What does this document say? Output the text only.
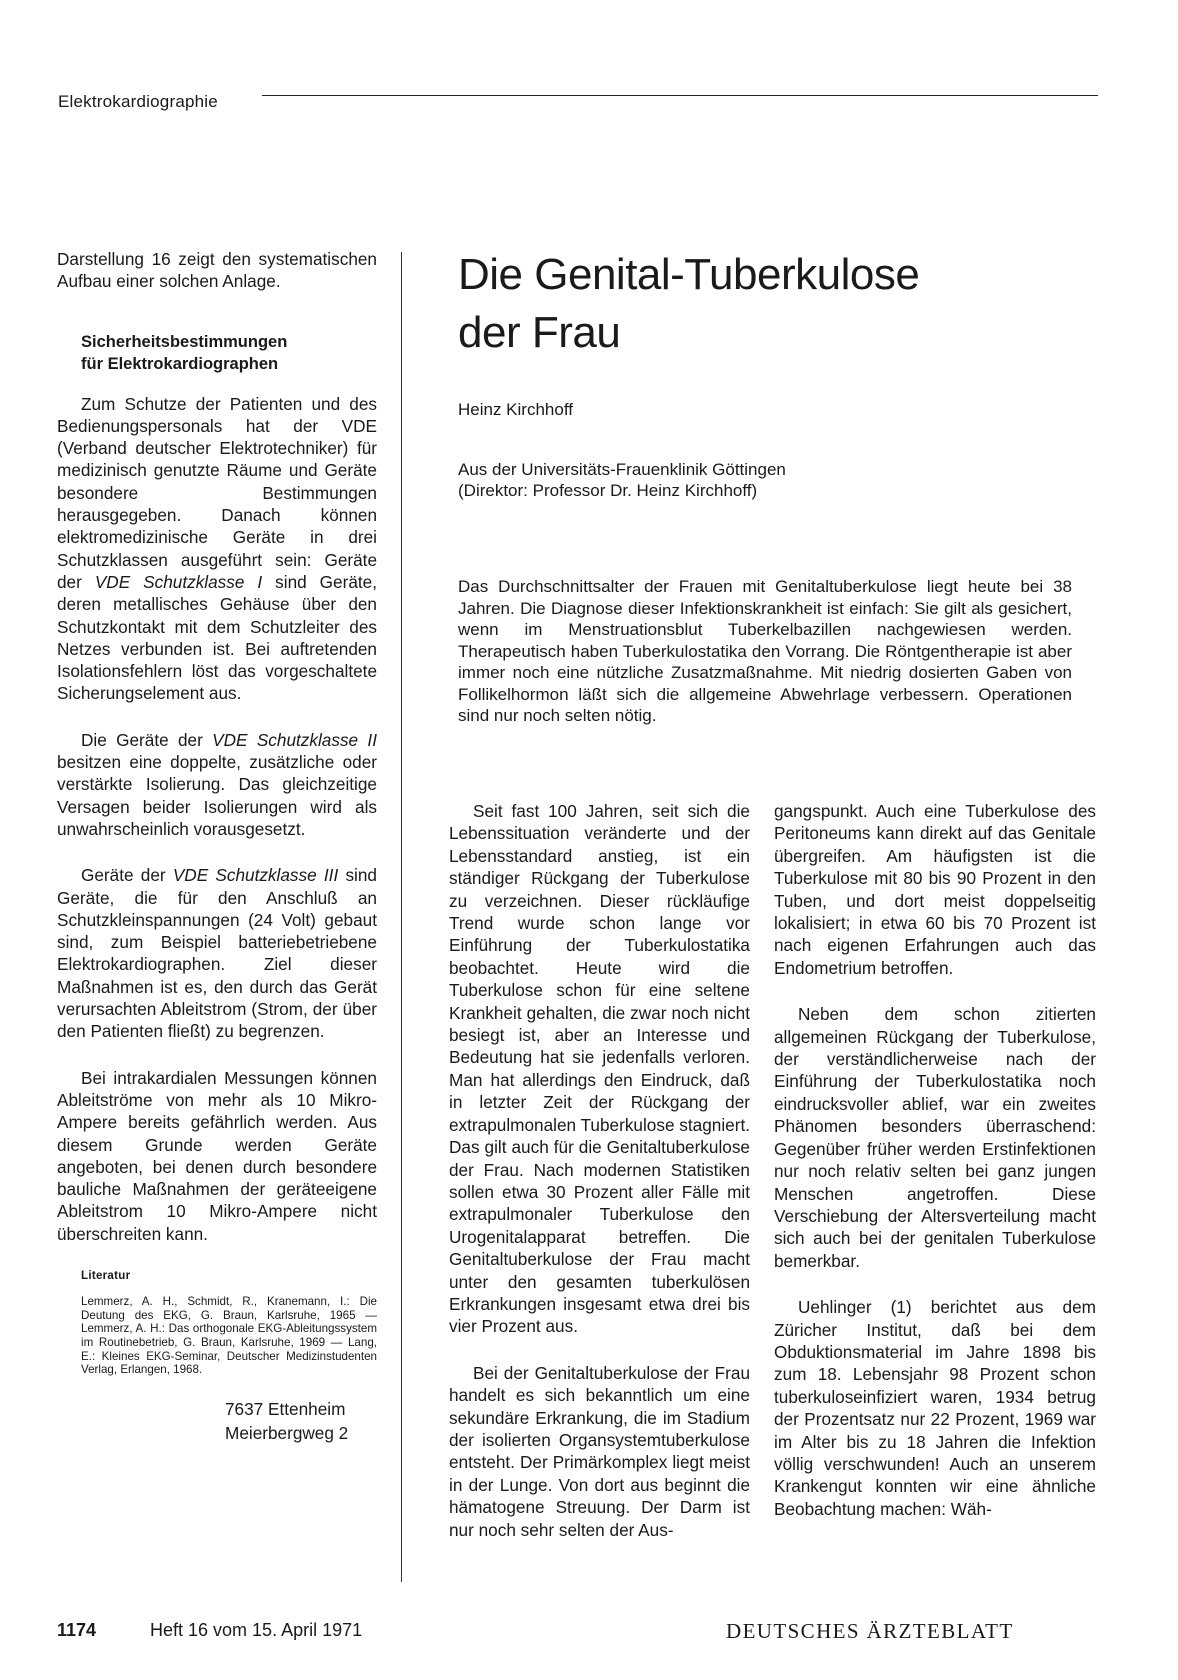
Elektrokardiographie

Darstellung 16 zeigt den systematischen Aufbau einer solchen Anlage.

Sicherheitsbestimmungen
für Elektrokardiographen

Zum Schutze der Patienten und des Bedienungspersonals hat der VDE (Verband deutscher Elektrotechniker) für medizinisch genutzte Räume und Geräte besondere Bestimmungen herausgegeben. Danach können elektromedizinische Geräte in drei Schutzklassen ausgeführt sein: Geräte der VDE Schutzklasse I sind Geräte, deren metallisches Gehäuse über den Schutzkontakt mit dem Schutzleiter des Netzes verbunden ist. Bei auftretenden Isolationsfehlern löst das vorgeschaltete Sicherungselement aus.

Die Geräte der VDE Schutzklasse II besitzen eine doppelte, zusätzliche oder verstärkte Isolierung. Das gleichzeitige Versagen beider Isolierungen wird als unwahrscheinlich vorausgesetzt.

Geräte der VDE Schutzklasse III sind Geräte, die für den Anschluß an Schutzkleinspannungen (24 Volt) gebaut sind, zum Beispiel batteriebetriebene Elektrokardiographen. Ziel dieser Maßnahmen ist es, den durch das Gerät verursachten Ableitstrom (Strom, der über den Patienten fließt) zu begrenzen.

Bei intrakardialen Messungen können Ableitströme von mehr als 10 Mikro-Ampere bereits gefährlich werden. Aus diesem Grunde werden Geräte angeboten, bei denen durch besondere bauliche Maßnahmen der geräteeigene Ableitstrom 10 Mikro-Ampere nicht überschreiten kann.

Literatur

Lemmerz, A. H., Schmidt, R., Kranemann, I.: Die Deutung des EKG, G. Braun, Karlsruhe, 1965 — Lemmerz, A. H.: Das orthogonale EKG-Ableitungssystem im Routinebetrieb, G. Braun, Karlsruhe, 1969 — Lang, E.: Kleines EKG-Seminar, Deutscher Medizinstudenten Verlag, Erlangen, 1968.

7637 Ettenheim
Meierbergweg 2

Die Genital-Tuberkulose
der Frau
Heinz Kirchhoff
Aus der Universitäts-Frauenklinik Göttingen
(Direktor: Professor Dr. Heinz Kirchhoff)

Das Durchschnittsalter der Frauen mit Genitaltuberkulose liegt heute bei 38 Jahren. Die Diagnose dieser Infektionskrankheit ist einfach: Sie gilt als gesichert, wenn im Menstruationsblut Tuberkelbazillen nachgewiesen werden. Therapeutisch haben Tuberkulostatika den Vorrang. Die Röntgentherapie ist aber immer noch eine nützliche Zusatzmaßnahme. Mit niedrig dosierten Gaben von Follikelhormon läßt sich die allgemeine Abwehrlage verbessern. Operationen sind nur noch selten nötig.

Seit fast 100 Jahren, seit sich die Lebenssituation veränderte und der Lebensstandard anstieg, ist ein ständiger Rückgang der Tuberkulose zu verzeichnen. Dieser rückläufige Trend wurde schon lange vor Einführung der Tuberkulostatika beobachtet. Heute wird die Tuberkulose schon für eine seltene Krankheit gehalten, die zwar noch nicht besiegt ist, aber an Interesse und Bedeutung hat sie jedenfalls verloren. Man hat allerdings den Eindruck, daß in letzter Zeit der Rückgang der extrapulmonalen Tuberkulose stagniert. Das gilt auch für die Genitaltuberkulose der Frau. Nach modernen Statistiken sollen etwa 30 Prozent aller Fälle mit extrapulmonaler Tuberkulose den Urogenitalapparat betreffen. Die Genitaltuberkulose der Frau macht unter den gesamten tuberkulösen Erkrankungen insgesamt etwa drei bis vier Prozent aus.

Bei der Genitaltuberkulose der Frau handelt es sich bekanntlich um eine sekundäre Erkrankung, die im Stadium der isolierten Organsystemtuberkulose entsteht. Der Primärkomplex liegt meist in der Lunge. Von dort aus beginnt die hämatogene Streuung. Der Darm ist nur noch sehr selten der Aus-

gangspunkt. Auch eine Tuberkulose des Peritoneums kann direkt auf das Genitale übergreifen. Am häufigsten ist die Tuberkulose mit 80 bis 90 Prozent in den Tuben, und dort meist doppelseitig lokalisiert; in etwa 60 bis 70 Prozent ist nach eigenen Erfahrungen auch das Endometrium betroffen.

Neben dem schon zitierten allgemeinen Rückgang der Tuberkulose, der verständlicherweise nach der Einführung der Tuberkulostatika noch eindrucksvoller ablief, war ein zweites Phänomen besonders überraschend: Gegenüber früher werden Erstinfektionen nur noch relativ selten bei ganz jungen Menschen angetroffen. Diese Verschiebung der Altersverteilung macht sich auch bei der genitalen Tuberkulose bemerkbar.

Uehlinger (1) berichtet aus dem Züricher Institut, daß bei dem Obduktionsmaterial im Jahre 1898 bis zum 18. Lebensjahr 98 Prozent schon tuberkuloseinfiziert waren, 1934 betrug der Prozentsatz nur 22 Prozent, 1969 war im Alter bis zu 18 Jahren die Infektion völlig verschwunden! Auch an unserem Krankengut konnten wir eine ähnliche Beobachtung machen: Wäh-

1174	Heft 16 vom 15. April 1971	DEUTSCHES ÄRZTEBLATT
